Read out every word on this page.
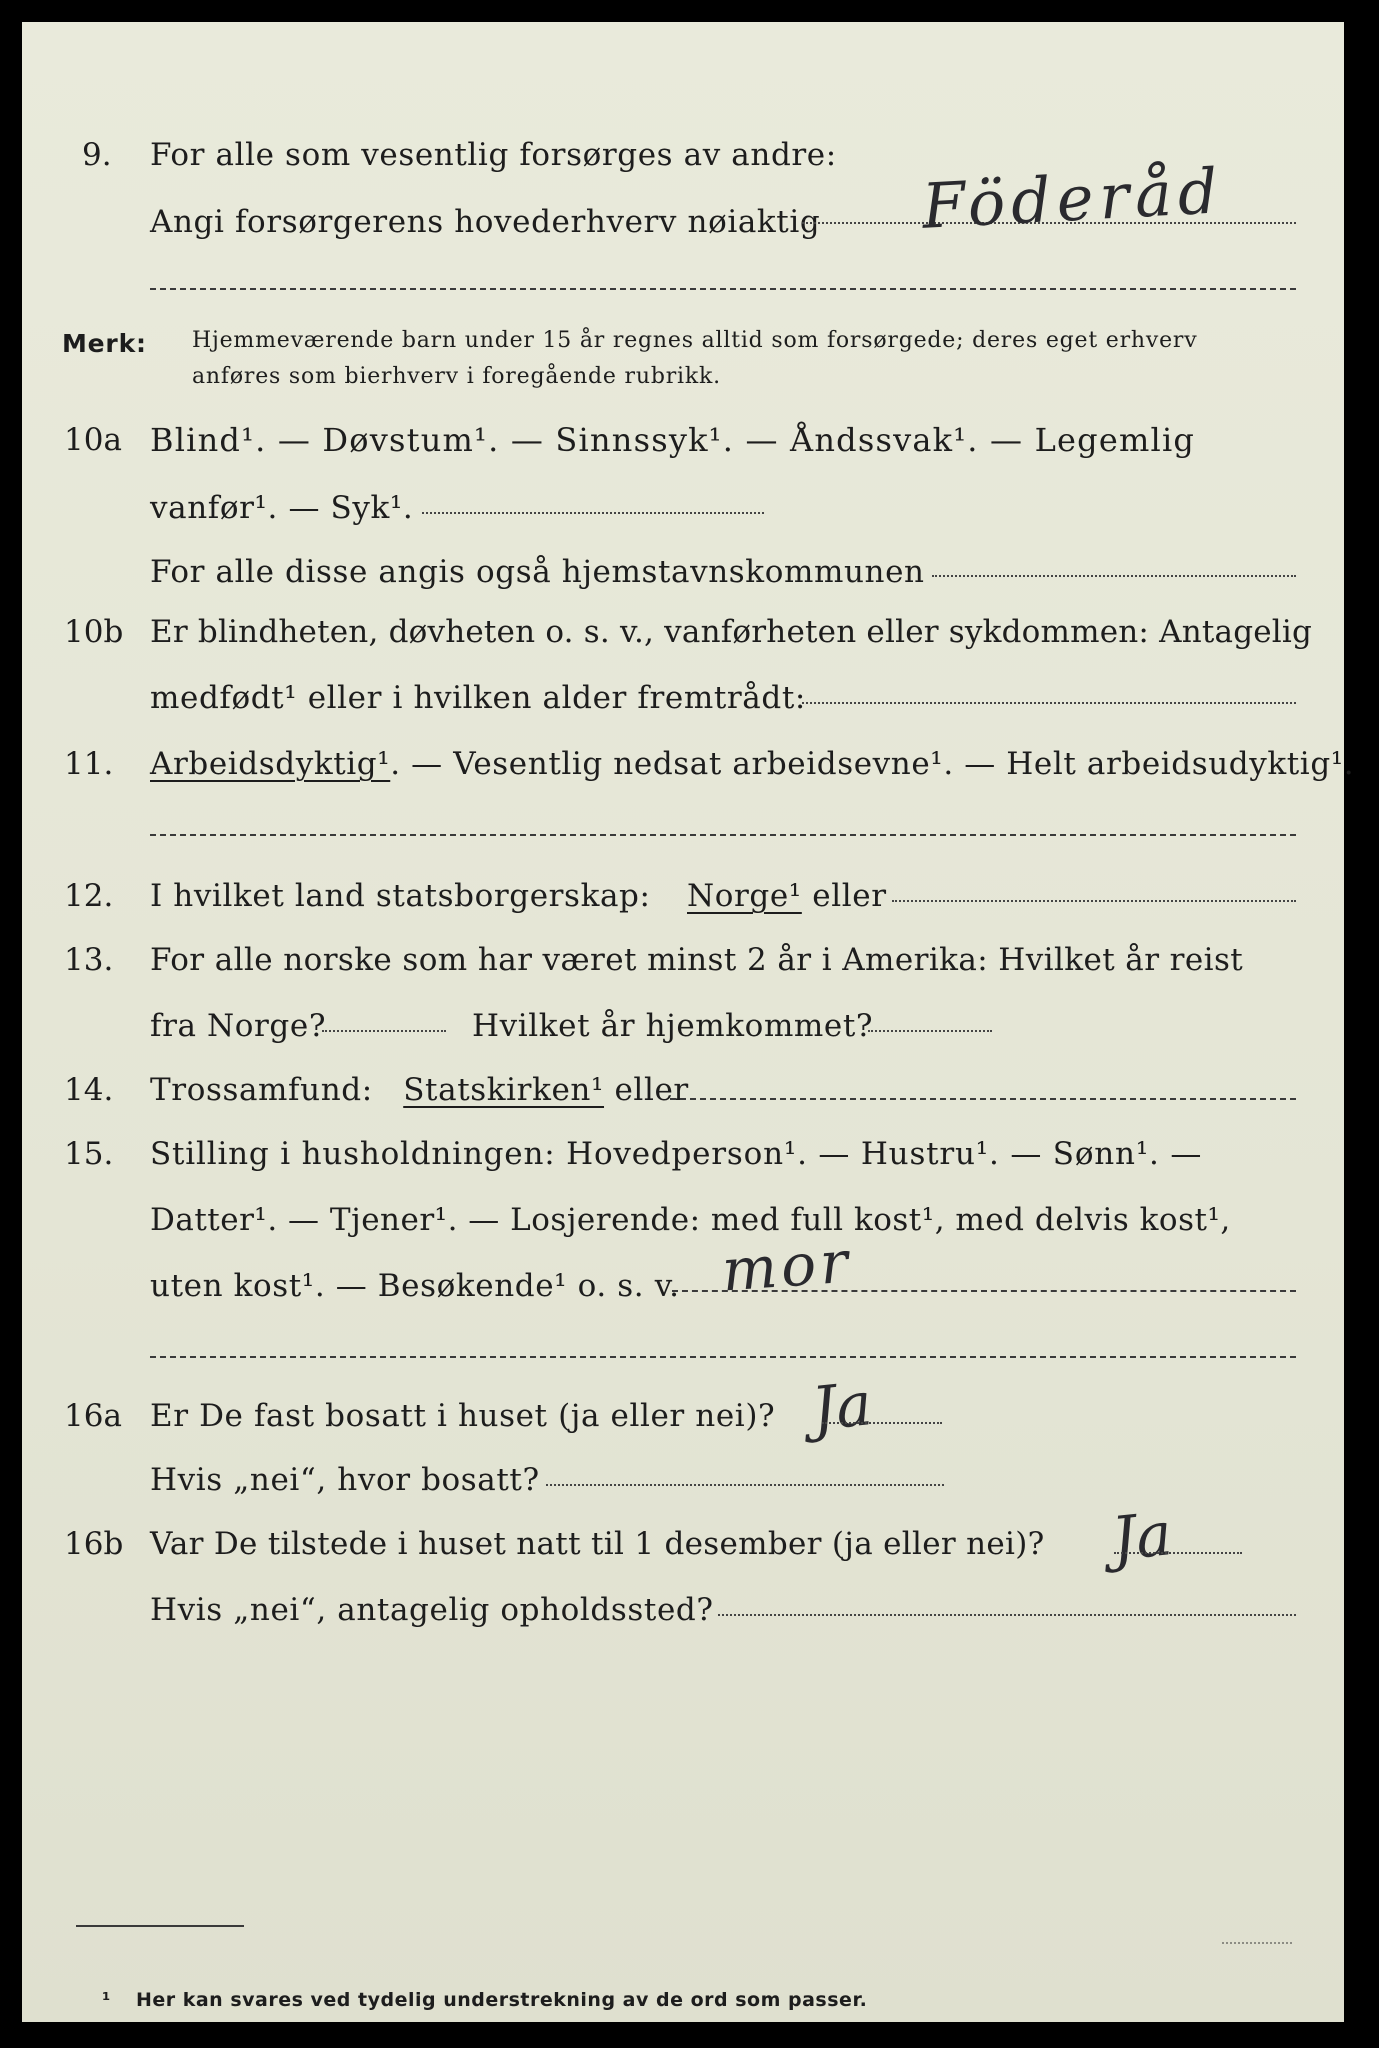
9. For alle som vesentlig forsørges av andre:
Angi forsørgerens hovederhverv nøiaktig Föderåd
Merk: Hjemmeværende barn under 15 år regnes alltid som forsørgede; deres eget erhverv
anføres som bierhverv i foregående rubrikk.
10a Blind¹. — Døvstum¹. — Sinnssyk¹. — Åndssvak¹. — Legemlig
vanfør¹. — Syk¹.
For alle disse angis også hjemstavnskommunen
10b Er blindheten, døvheten o. s. v., vanførheten eller sykdommen: Antagelig
medfødt¹ eller i hvilken alder fremtrådt:
11. Arbeidsdyktig¹. — Vesentlig nedsat arbeidsevne¹. — Helt arbeidsudyktig¹.
12. I hvilket land statsborgerskap: Norge¹ eller
13. For alle norske som har været minst 2 år i Amerika: Hvilket år reist
fra Norge?	Hvilket år hjemkommet?
14. Trossamfund: Statskirken¹ eller
15. Stilling i husholdningen: Hovedperson¹. — Hustru¹. — Sønn¹. —
Datter¹. — Tjener¹. — Losjerende: med full kost¹, med delvis kost¹,
uten kost¹. — Besøkende¹ o. s. v. mor
16a Er De fast bosatt i huset (ja eller nei)? Ja
Hvis „nei“, hvor bosatt?
16b Var De tilstede i huset natt til 1 desember (ja eller nei)? Ja
Hvis „nei“, antagelig opholdssted?
¹ Her kan svares ved tydelig understrekning av de ord som passer.
